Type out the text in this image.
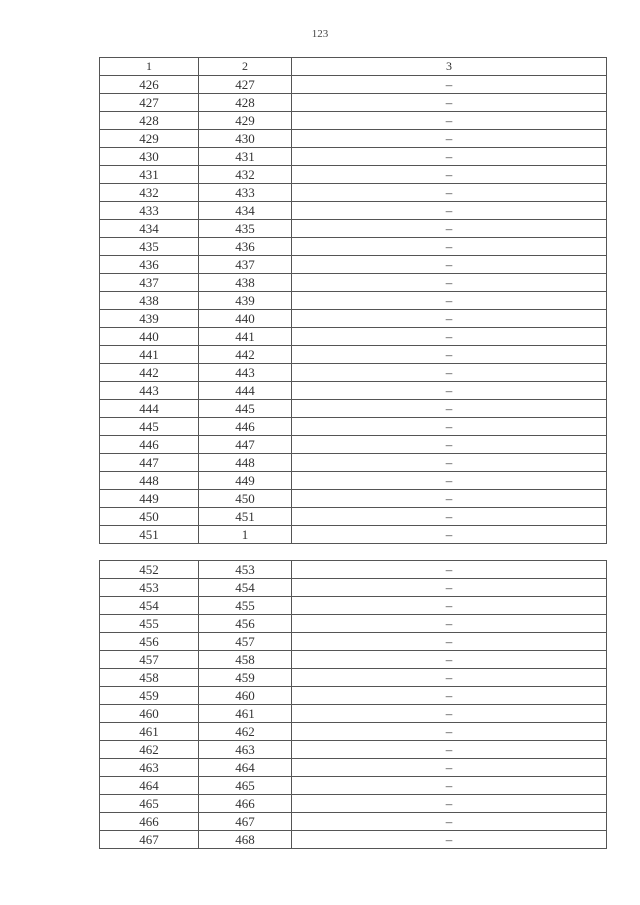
123
1	2	3
426	427	–
427	428	–
428	429	–
429	430	–
430	431	–
431	432	–
432	433	–
433	434	–
434	435	–
435	436	–
436	437	–
437	438	–
438	439	–
439	440	–
440	441	–
441	442	–
442	443	–
443	444	–
444	445	–
445	446	–
446	447	–
447	448	–
448	449	–
449	450	–
450	451	–
451	1	–

452	453	–
453	454	–
454	455	–
455	456	–
456	457	–
457	458	–
458	459	–
459	460	–
460	461	–
461	462	–
462	463	–
463	464	–
464	465	–
465	466	–
466	467	–
467	468	–
